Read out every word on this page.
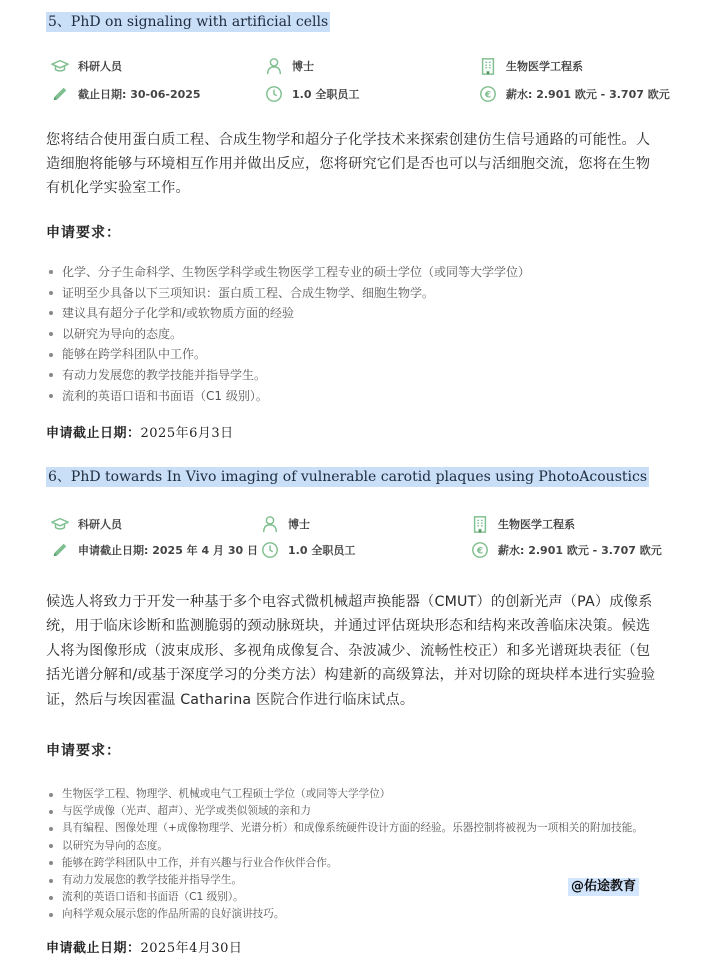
5、PhD on signaling with artificial cells
科研人员	博士	生物医学工程系
截止日期: 30-06-2025	1.0 全职员工	€ 薪水: 2.901 欧元 - 3.707 欧元
您将结合使用蛋白质工程、合成生物学和超分子化学技术来探索创建仿生信号通路的可能性。人造细胞将能够与环境相互作用并做出反应，您将研究它们是否也可以与活细胞交流，您将在生物有机化学实验室工作。
申请要求：
化学、分子生命科学、生物医学科学或生物医学工程专业的硕士学位（或同等大学学位）
证明至少具备以下三项知识：蛋白质工程、合成生物学、细胞生物学。
建议具有超分子化学和/或软物质方面的经验
以研究为导向的态度。
能够在跨学科团队中工作。
有动力发展您的教学技能并指导学生。
流利的英语口语和书面语（C1 级别）。
申请截止日期：2025年6月3日
6、PhD towards In Vivo imaging of vulnerable carotid plaques using PhotoAcoustics
科研人员	博士	生物医学工程系
申请截止日期: 2025 年 4 月 30 日	1.0 全职员工	€ 薪水: 2.901 欧元 - 3.707 欧元
候选人将致力于开发一种基于多个电容式微机械超声换能器（CMUT）的创新光声（PA）成像系统，用于临床诊断和监测脆弱的颈动脉斑块，并通过评估斑块形态和结构来改善临床决策。候选人将为图像形成（波束成形、多视角成像复合、杂波减少、流畅性校正）和多光谱斑块表征（包括光谱分解和/或基于深度学习的分类方法）构建新的高级算法，并对切除的斑块样本进行实验验证，然后与埃因霍温 Catharina 医院合作进行临床试点。
申请要求：
生物医学工程、物理学、机械或电气工程硕士学位（或同等大学学位）
与医学成像（光声、超声）、光学或类似领域的亲和力
具有编程、图像处理（+成像物理学、光谱分析）和成像系统硬件设计方面的经验。乐器控制将被视为一项相关的附加技能。
以研究为导向的态度。
能够在跨学科团队中工作，并有兴趣与行业合作伙伴合作。
有动力发展您的教学技能并指导学生。
流利的英语口语和书面语（C1 级别）。
向科学观众展示您的作品所需的良好演讲技巧。
申请截止日期：2025年4月30日
@佑途教育
